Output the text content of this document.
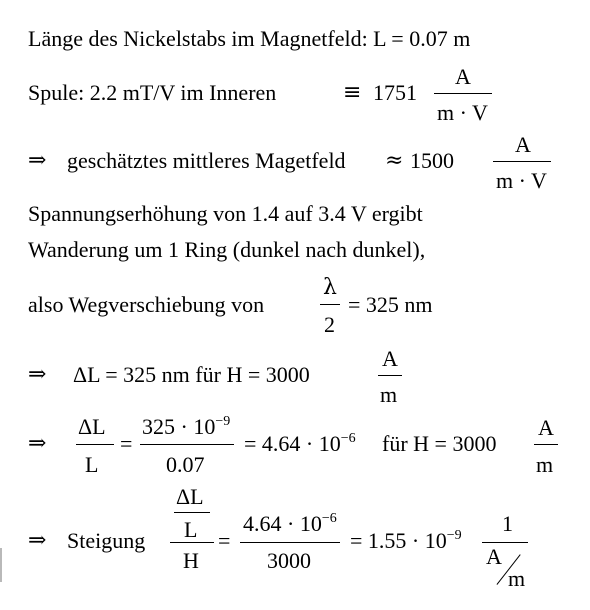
Länge des Nickelstabs im Magnetfeld: L = 0.07 m
Spule: 2.2 mT/V im Inneren	≡ 1751
A
m · V
⇒ geschätztes mittleres Magetfeld ≈ 1500
A
m · V
Spannungserhöhung von 1.4 auf 3.4 V ergibt
Wanderung um 1 Ring (dunkel nach dunkel),
also Wegverschiebung von
λ
2
= 325 nm
⇒ ΔL = 325 nm für H = 3000
A
m
⇒
ΔL
L
=
$325 \cdot 10^{-9}$
0.07
= $4.64 \cdot 10^{-6}$ für H = 3000
A
m
⇒ Steigung
ΔL
L
H
=
$4.64 \cdot 10^{-6}$
3000
= $1.55 \cdot 10^{-9}$ 1
A
m
